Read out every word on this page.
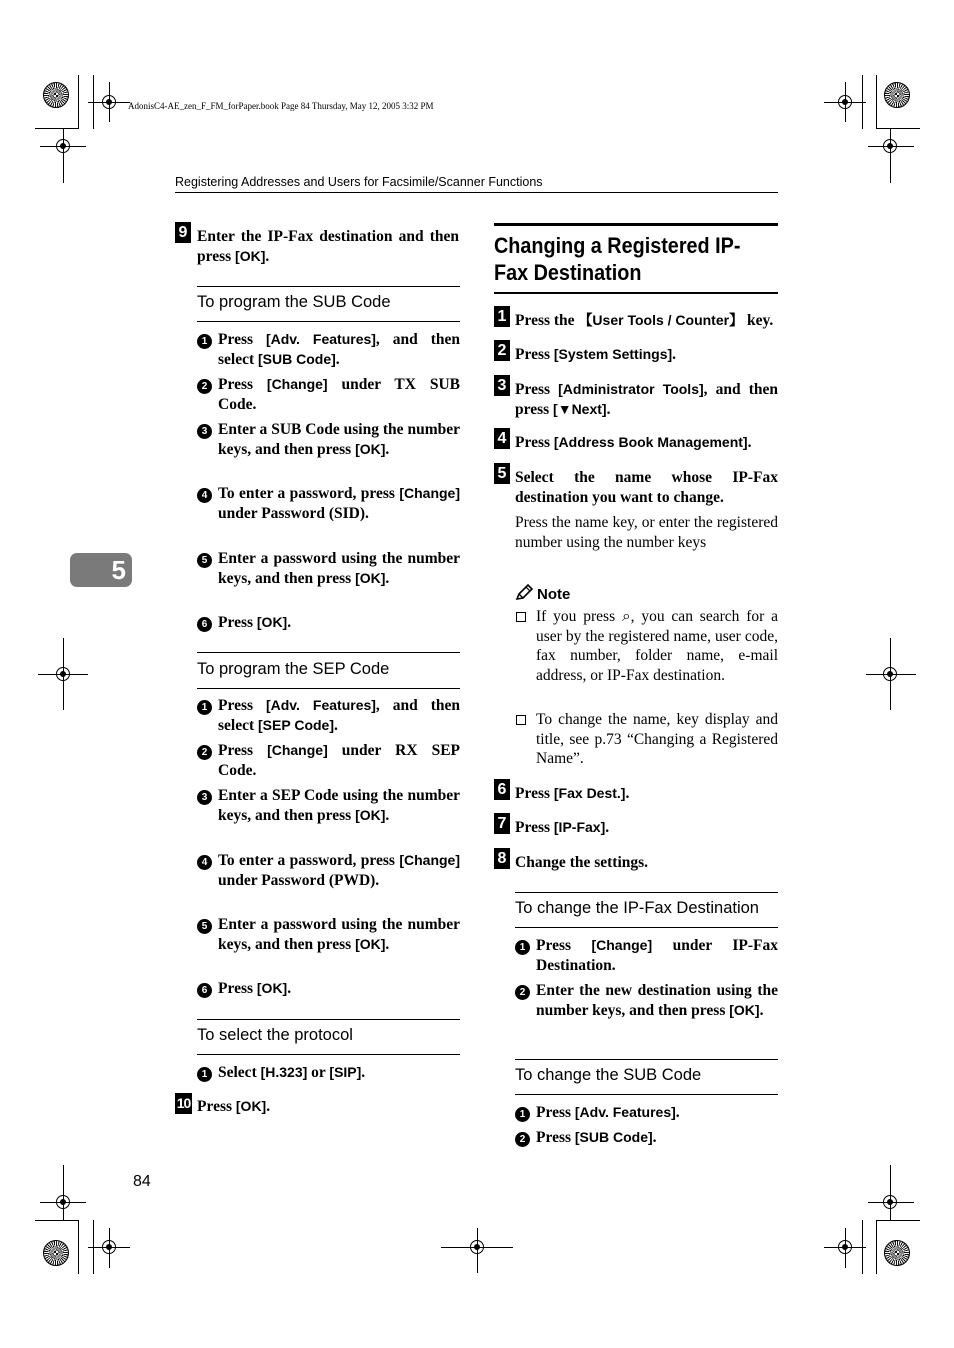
AdonisC4-AE_zen_F_FM_forPaper.book Page 84 Thursday, May 12, 2005 3:32 PM
Registering Addresses and Users for Facsimile/Scanner Functions
5
84
9 Enter the IP-Fax destination and then press [OK].
To program the SUB Code
1 Press [Adv. Features], and then select [SUB Code].
2 Press [Change] under TX SUB Code.
3 Enter a SUB Code using the number keys, and then press [OK].
4 To enter a password, press [Change] under Password (SID).
5 Enter a password using the number keys, and then press [OK].
6 Press [OK].
To program the SEP Code
1 Press [Adv. Features], and then select [SEP Code].
2 Press [Change] under RX SEP Code.
3 Enter a SEP Code using the number keys, and then press [OK].
4 To enter a password, press [Change] under Password (PWD).
5 Enter a password using the number keys, and then press [OK].
6 Press [OK].
To select the protocol
1 Select [H.323] or [SIP].
10 Press [OK].
Changing a Registered IP-Fax Destination
1 Press the 【User Tools / Counter】 key.
2 Press [System Settings].
3 Press [Administrator Tools], and then press [▼Next].
4 Press [Address Book Management].
5 Select the name whose IP-Fax destination you want to change.
Press the name key, or enter the registered number using the number keys
Note
If you press ⌕, you can search for a user by the registered name, user code, fax number, folder name, e-mail address, or IP-Fax destination.
To change the name, key display and title, see p.73 “Changing a Registered Name”.
6 Press [Fax Dest.].
7 Press [IP-Fax].
8 Change the settings.
To change the IP-Fax Destination
1 Press [Change] under IP-Fax Destination.
2 Enter the new destination using the number keys, and then press [OK].
To change the SUB Code
1 Press [Adv. Features].
2 Press [SUB Code].
